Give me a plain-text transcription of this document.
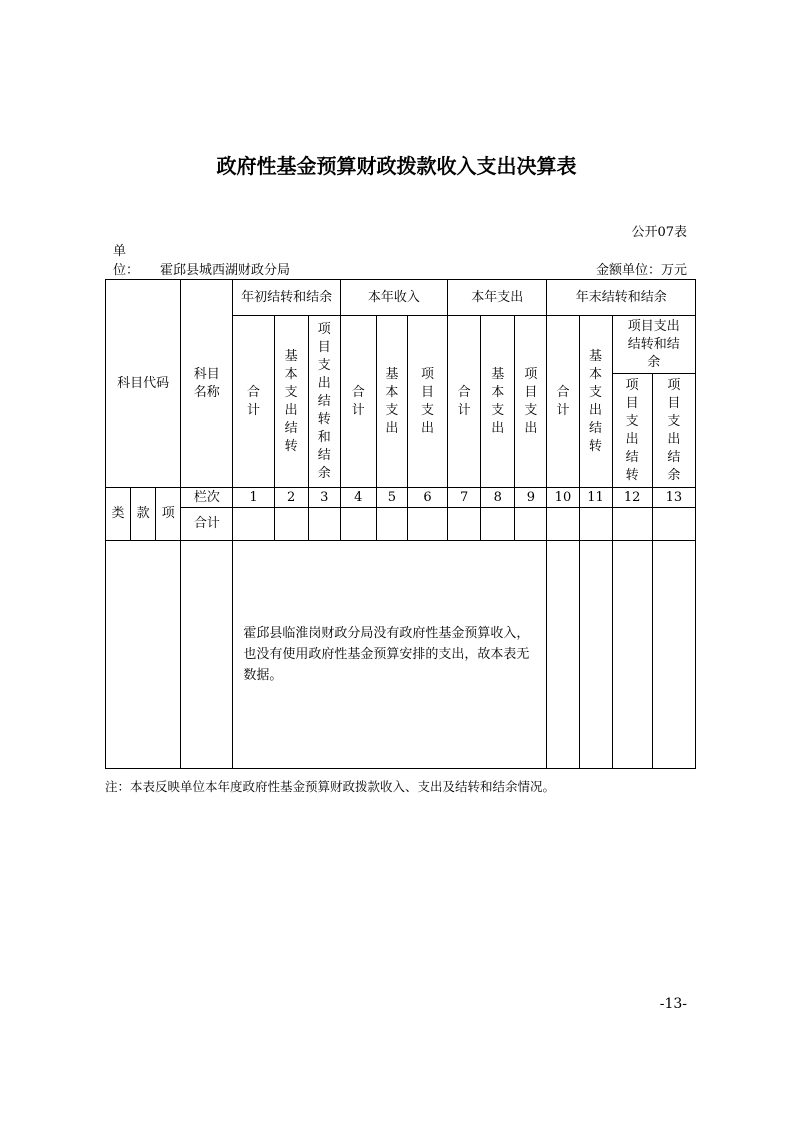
政府性基金预算财政拨款收入支出决算表
公开07表
单
位： 霍邱县城西湖财政分局	金额单位：万元
科目代码			科目名称	年初结转和结余			本年收入			本年支出			年末结转和结余			

				合计	基本支出结转	项目支出结转和结余	合计	基本支出	项目支出	合计	基本支出	项目支出	合计	基本支出结转	项目支出结转和结余	

															项目支出结转	项目支出结余

类	款	项	栏次	1	2	3	4	5	6	7	8	9	10	11	12	13
			合计													
				霍邱县临淮岗财政分局没有政府性基金预算收入，也没有使用政府性基金预算安排的支出，故本表无数据。												
注：本表反映单位本年度政府性基金预算财政拨款收入、支出及结转和结余情况。
-13-
